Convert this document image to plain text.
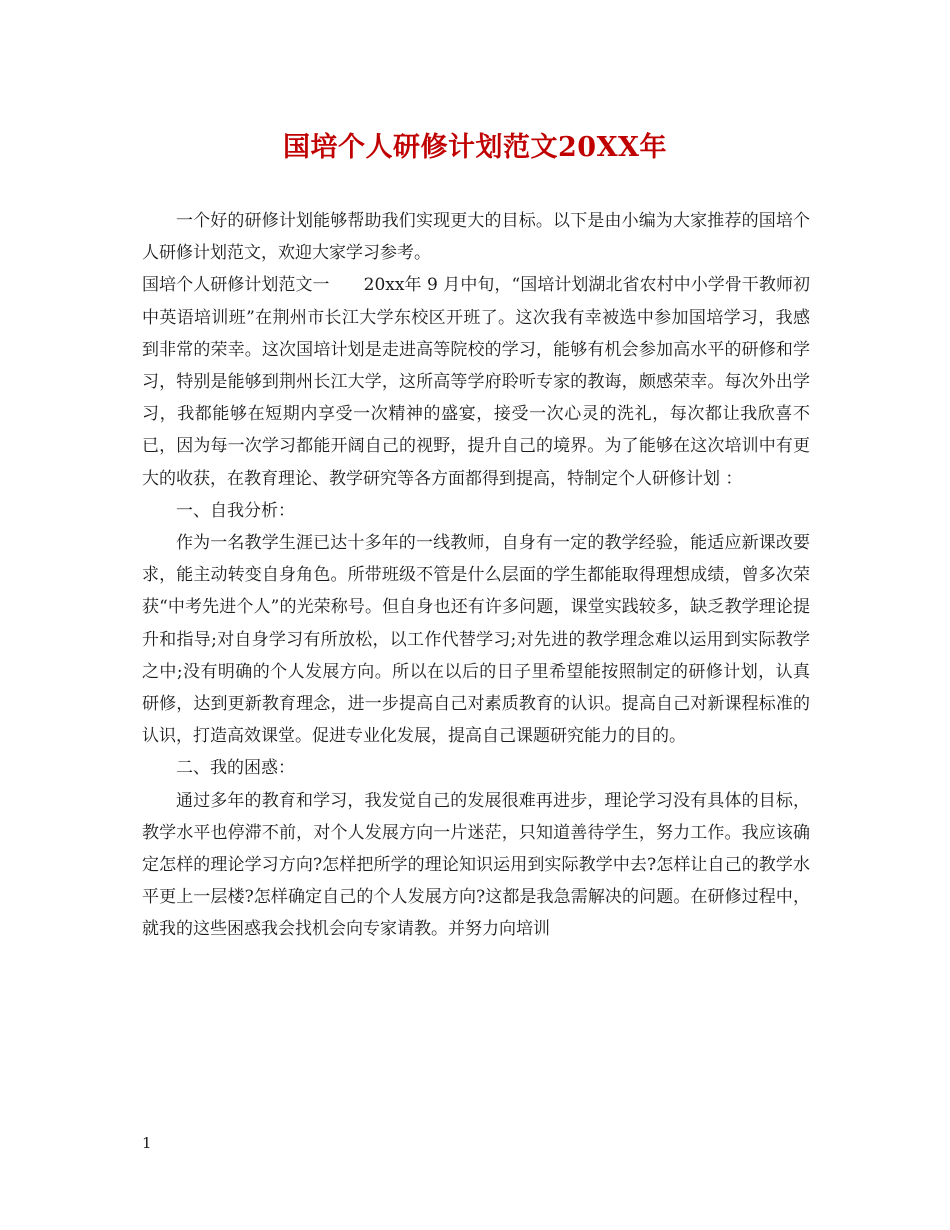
国培个人研修计划范文20XX年

一个好的研修计划能够帮助我们实现更大的目标。以下是由小编为大家推荐的国培个人研修计划范文，欢迎大家学习参考。

国培个人研修计划范文一　　20xx年 9 月中旬，“国培计划湖北省农村中小学骨干教师初中英语培训班”在荆州市长江大学东校区开班了。这次我有幸被选中参加国培学习，我感到非常的荣幸。这次国培计划是走进高等院校的学习，能够有机会参加高水平的研修和学习，特别是能够到荆州长江大学，这所高等学府聆听专家的教诲，颇感荣幸。每次外出学习，我都能够在短期内享受一次精神的盛宴，接受一次心灵的洗礼，每次都让我欣喜不已，因为每一次学习都能开阔自己的视野，提升自己的境界。为了能够在这次培训中有更大的收获，在教育理论、教学研究等各方面都得到提高，特制定个人研修计划 ：

一、自我分析：

作为一名教学生涯已达十多年的一线教师，自身有一定的教学经验，能适应新课改要求，能主动转变自身角色。所带班级不管是什么层面的学生都能取得理想成绩，曾多次荣获“中考先进个人”的光荣称号。但自身也还有许多问题，课堂实践较多，缺乏教学理论提升和指导;对自身学习有所放松，以工作代替学习;对先进的教学理念难以运用到实际教学之中;没有明确的个人发展方向。所以在以后的日子里希望能按照制定的研修计划，认真研修，达到更新教育理念，进一步提高自己对素质教育的认识。提高自己对新课程标准的认识，打造高效课堂。促进专业化发展，提高自己课题研究能力的目的。

二、我的困惑：

通过多年的教育和学习，我发觉自己的发展很难再进步，理论学习没有具体的目标，教学水平也停滞不前，对个人发展方向一片迷茫，只知道善待学生，努力工作。我应该确定怎样的理论学习方向?怎样把所学的理论知识运用到实际教学中去?怎样让自己的教学水平更上一层楼?怎样确定自己的个人发展方向?这都是我急需解决的问题。在研修过程中，就我的这些困惑我会找机会向专家请教。并努力向培训

1
